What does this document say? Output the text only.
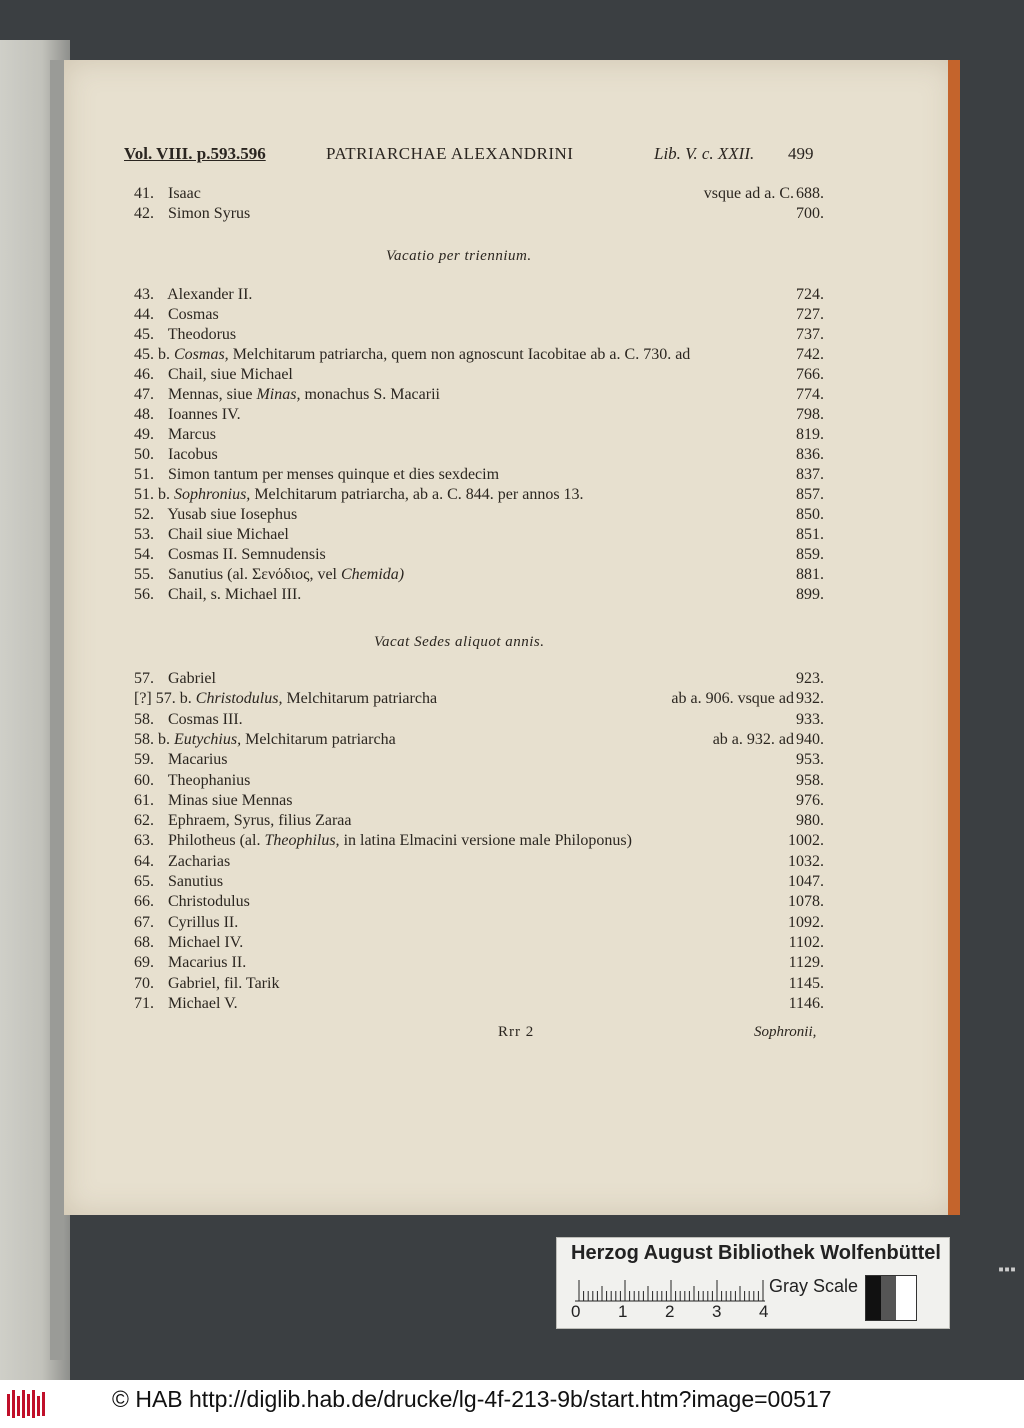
Vol. VIII. p.593.596	PATRIARCHAE ALEXANDRINI	Lib. V. c. XXII. 499
41. Isaac	vsque ad a. C. 688.
42. Simon Syrus	700.
Vacatio per triennium.
43. Alexander II.	724.
44. Cosmas	727.
45. Theodorus	737.
45. b. Cosmas, Melchitarum patriarcha, quem non agnoscunt Iacobitae ab a. C. 730. ad	742.
46. Chail, siue Michael	766.
47. Mennas, siue Minas, monachus S. Macarii	774.
48. Ioannes IV.	798.
49. Marcus	819.
50. Iacobus	836.
51. Simon tantum per menses quinque et dies sexdecim	837.
51. b. Sophronius, Melchitarum patriarcha, ab a. C. 844. per annos 13.	857.
52. Yusab siue Iosephus	850.
53. Chail siue Michael	851.
54. Cosmas II. Semnudensis	859.
55. Sanutius (al. Σενόδιος, vel Chemida)	881.
56. Chail, s. Michael III.	899.
Vacat Sedes aliquot annis.
57. Gabriel	923.
[?] 57. b. Christodulus, Melchitarum patriarcha	ab a. 906. vsque ad 932.
58. Cosmas III.	933.
58. b. Eutychius, Melchitarum patriarcha	ab a. 932. ad 940.
59. Macarius	953.
60. Theophanius	958.
61. Minas siue Mennas	976.
62. Ephraem, Syrus, filius Zaraa	980.
63. Philotheus (al. Theophilus, in latina Elmacini versione male Philoponus)	1002.
64. Zacharias	1032.
65. Sanutius	1047.
66. Christodulus	1078.
67. Cyrillus II.	1092.
68. Michael IV.	1102.
69. Macarius II.	1129.
70. Gabriel, fil. Tarik	1145.
71. Michael V.	1146.
Rrr 2	Sophronii,
Herzog August Bibliothek Wolfenbüttel
Gray Scale
0 1 2 3 4
▪▪▪
© HAB http://diglib.hab.de/drucke/lg-4f-213-9b/start.htm?image=00517
